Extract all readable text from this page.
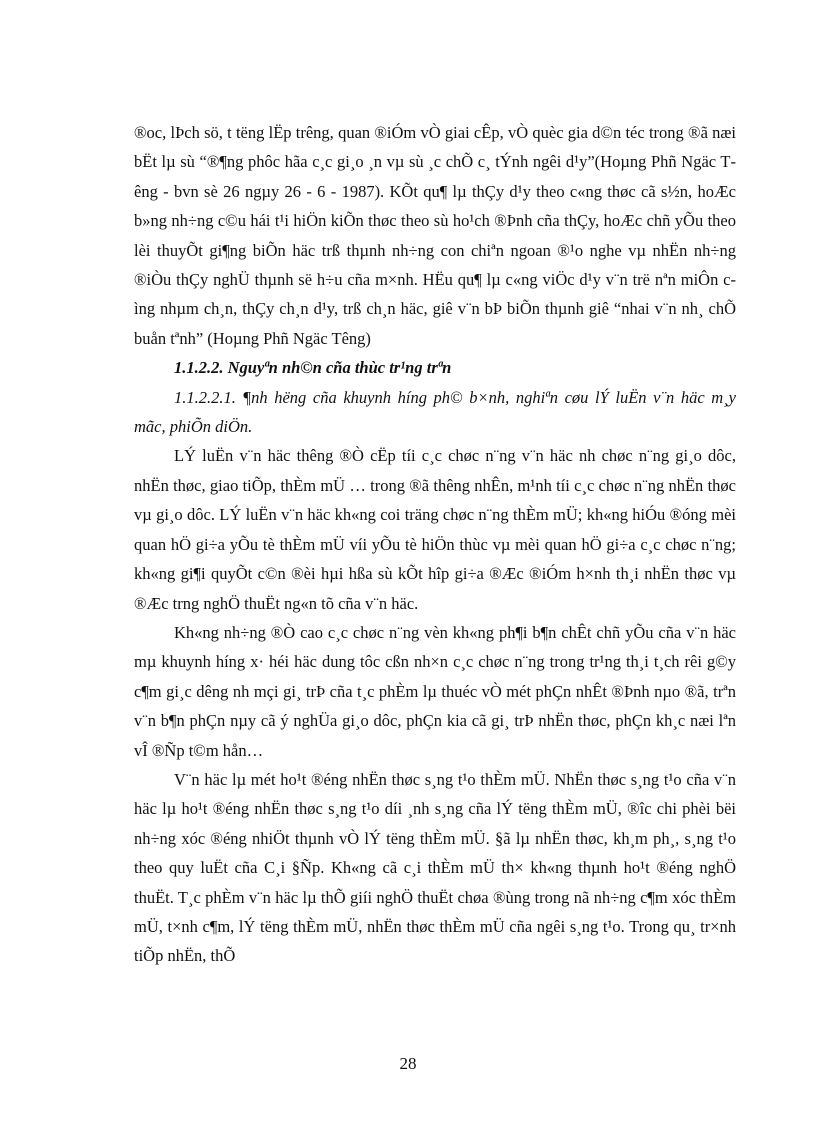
®oc, lÞch sö, t tëng lËp trêng, quan ®iÓm vÒ giai cÊp, vÒ quèc gia d©n téc trong ®ã næi bËt lµ sù “®¶ng phôc hãa c¸c gi¸o ¸n vµ sù ¸c chÕ c¸ tÝnh ngêi d¹y”(Hoµng Phñ Ngäc Têng - bvn sè 26 ngµy 26 - 6 - 1987). KÕt qu¶ lµ thÇy d¹y theo c«ng thøc cã s½n, hoÆc b»ng nh÷ng c©u hái t¹i hiÖn kiÕn thøc theo sù ho¹ch ®Þnh cña thÇy, hoÆc chñ yÕu theo lèi thuyÕt gi¶ng biÕn häc trß thµnh nh÷ng con chiªn ngoan ®¹o nghe vµ nhËn nh÷ng ®iÒu thÇy nghÜ thµnh së h÷u cña m×nh. HËu qu¶ lµ c«ng viÖc d¹y v¨n trë nªn miÔn cìng nhµm ch¸n, thÇy ch¸n d¹y, trß ch¸n häc, giê v¨n bÞ biÕn thµnh giê “nhai v¨n nh¸ chÕ buån tªnh” (Hoµng Phñ Ngäc Têng)

1.1.2.2. Nguyªn nh©n cña thùc tr¹ng trªn

1.1.2.2.1. ¶nh hëng cña khuynh híng ph© b×nh, nghiªn cøu lÝ luËn v¨n häc m¸y mãc, phiÕn diÖn.

LÝ luËn v¨n häc thêng ®Ò cËp tíi c¸c chøc n¨ng v¨n häc nh chøc n¨ng gi¸o dôc, nhËn thøc, giao tiÕp, thÈm mÜ … trong ®ã thêng nhÊn, m¹nh tíi c¸c chøc n¨ng nhËn thøc vµ gi¸o dôc. LÝ luËn v¨n häc kh«ng coi träng chøc n¨ng thÈm mÜ; kh«ng hiÓu ®óng mèi quan hÖ gi÷a yÕu tè thÈm mÜ víi yÕu tè hiÖn thùc vµ mèi quan hÖ gi÷a c¸c chøc n¨ng; kh«ng gi¶i quyÕt c©n ®èi hµi hßa sù kÕt hîp gi÷a ®Æc ®iÓm h×nh th¸i nhËn thøc vµ ®Æc trng nghÖ thuËt ng«n tõ cña v¨n häc.

Kh«ng nh÷ng ®Ò cao c¸c chøc n¨ng vèn kh«ng ph¶i b¶n chÊt chñ yÕu cña v¨n häc mµ khuynh híng x· héi häc dung tôc cßn nh×n c¸c chøc n¨ng trong tr¹ng th¸i t¸ch rêi g©y c¶m gi¸c dêng nh mçi gi¸ trÞ cña t¸c phÈm lµ thuéc vÒ mét phÇn nhÊt ®Þnh nµo ®ã, trªn v¨n b¶n phÇn nµy cã ý nghÜa gi¸o dôc, phÇn kia cã gi¸ trÞ nhËn thøc, phÇn kh¸c næi lªn vÎ ®Ñp t©m hån…

V¨n häc lµ mét ho¹t ®éng nhËn thøc s¸ng t¹o thÈm mÜ. NhËn thøc s¸ng t¹o cña v¨n häc lµ ho¹t ®éng nhËn thøc s¸ng t¹o díi ¸nh s¸ng cña lÝ tëng thÈm mÜ, ®îc chi phèi bëi nh÷ng xóc ®éng nhiÖt thµnh vÒ lÝ tëng thÈm mÜ. §ã lµ nhËn thøc, kh¸m ph¸, s¸ng t¹o theo quy luËt cña C¸i §Ñp. Kh«ng cã c¸i thÈm mÜ th× kh«ng thµnh ho¹t ®éng nghÖ thuËt. T¸c phÈm v¨n häc lµ thÕ giíi nghÖ thuËt chøa ®ùng trong nã nh÷ng c¶m xóc thÈm mÜ, t×nh c¶m, lÝ tëng thÈm mÜ, nhËn thøc thÈm mÜ cña ngêi s¸ng t¹o. Trong qu¸ tr×nh tiÕp nhËn, thÕ

28
